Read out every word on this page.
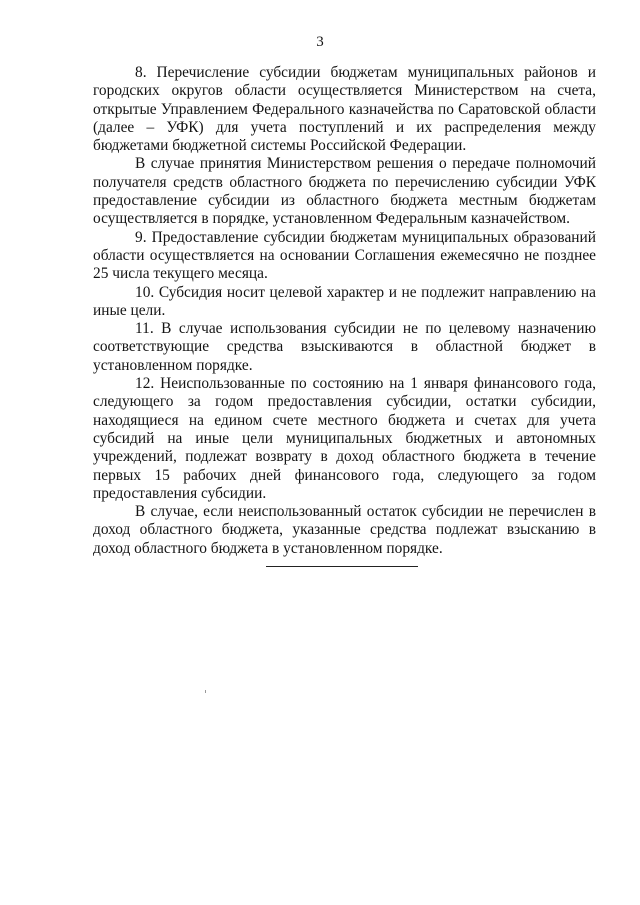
3

8. Перечисление субсидии бюджетам муниципальных районов и городских округов области осуществляется Министерством на счета, открытые Управлением Федерального казначейства по Саратовской области (далее – УФК) для учета поступлений и их распределения между бюджетами бюджетной системы Российской Федерации.

В случае принятия Министерством решения о передаче полномочий получателя средств областного бюджета по перечислению субсидии УФК предоставление субсидии из областного бюджета местным бюджетам осуществляется в порядке, установленном Федеральным казначейством.

9. Предоставление субсидии бюджетам муниципальных образований области осуществляется на основании Соглашения ежемесячно не позднее 25 числа текущего месяца.

10. Субсидия носит целевой характер и не подлежит направлению на иные цели.

11. В случае использования субсидии не по целевому назначению соответствующие средства взыскиваются в областной бюджет в установленном порядке.

12. Неиспользованные по состоянию на 1 января финансового года, следующего за годом предоставления субсидии, остатки субсидии, находящиеся на едином счете местного бюджета и счетах для учета субсидий на иные цели муниципальных бюджетных и автономных учреждений, подлежат возврату в доход областного бюджета в течение первых 15 рабочих дней финансового года, следующего за годом предоставления субсидии.

В случае, если неиспользованный остаток субсидии не перечислен в доход областного бюджета, указанные средства подлежат взысканию в доход областного бюджета в установленном порядке.
